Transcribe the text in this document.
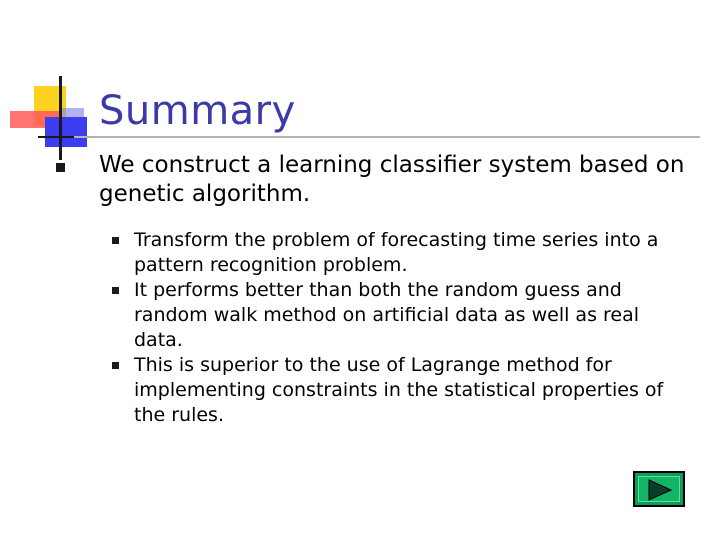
Summary
We construct a learning classifier system based on genetic algorithm.
Transform the problem of forecasting time series into a pattern recognition problem.
It performs better than both the random guess and random walk method on artificial data as well as real data.
This is superior to the use of Lagrange method for implementing constraints in the statistical properties of the rules.
